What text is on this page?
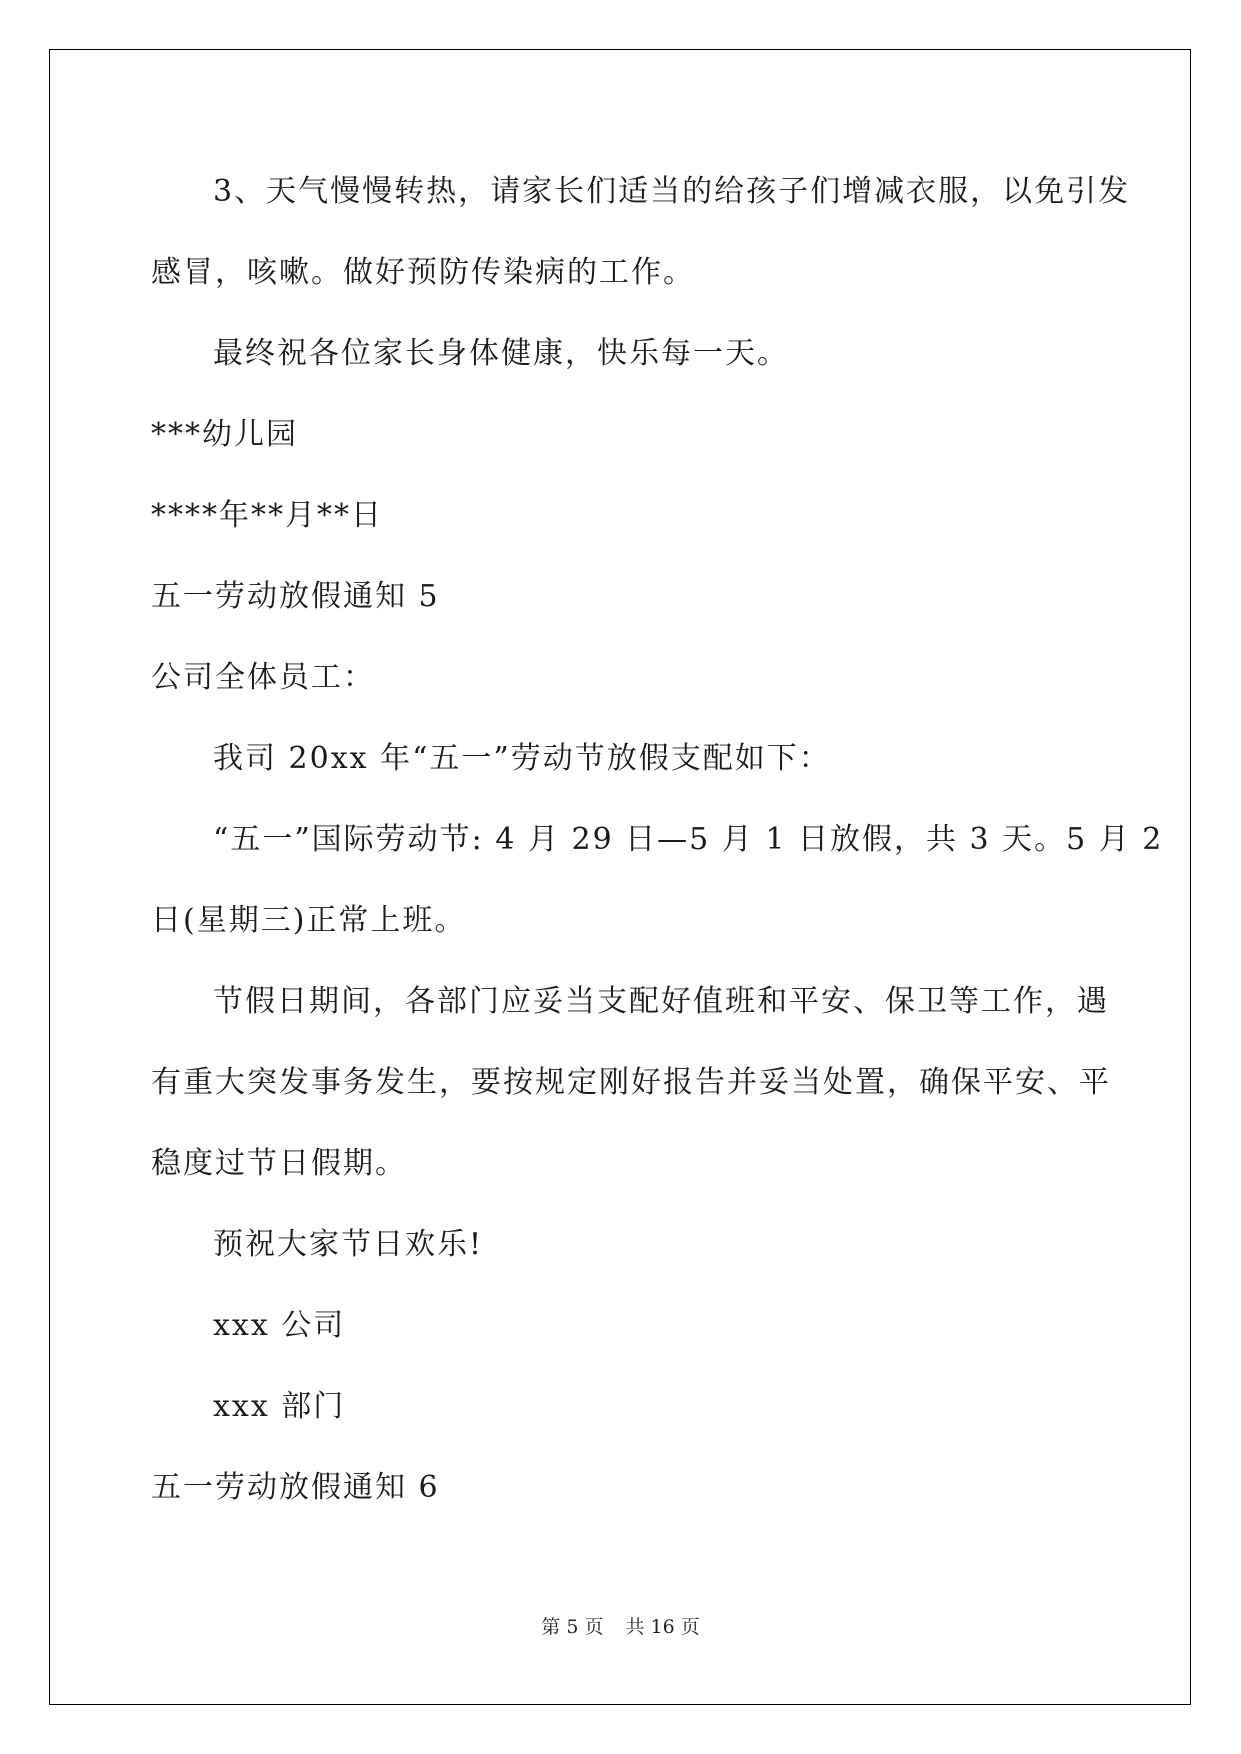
3、天气慢慢转热，请家长们适当的给孩子们增减衣服，以免引发
感冒，咳嗽。做好预防传染病的工作。
最终祝各位家长身体健康，快乐每一天。
***幼儿园
****年**月**日
五一劳动放假通知 5
公司全体员工：
我司 20xx 年“五一”劳动节放假支配如下：
“五一”国际劳动节: 4 月 29 日—5 月 1 日放假，共 3 天。5 月 2
日(星期三)正常上班。
节假日期间，各部门应妥当支配好值班和平安、保卫等工作，遇
有重大突发事务发生，要按规定刚好报告并妥当处置，确保平安、平
稳度过节日假期。
预祝大家节日欢乐!
xxx 公司
xxx 部门
五一劳动放假通知 6
第 5 页 共 16 页
